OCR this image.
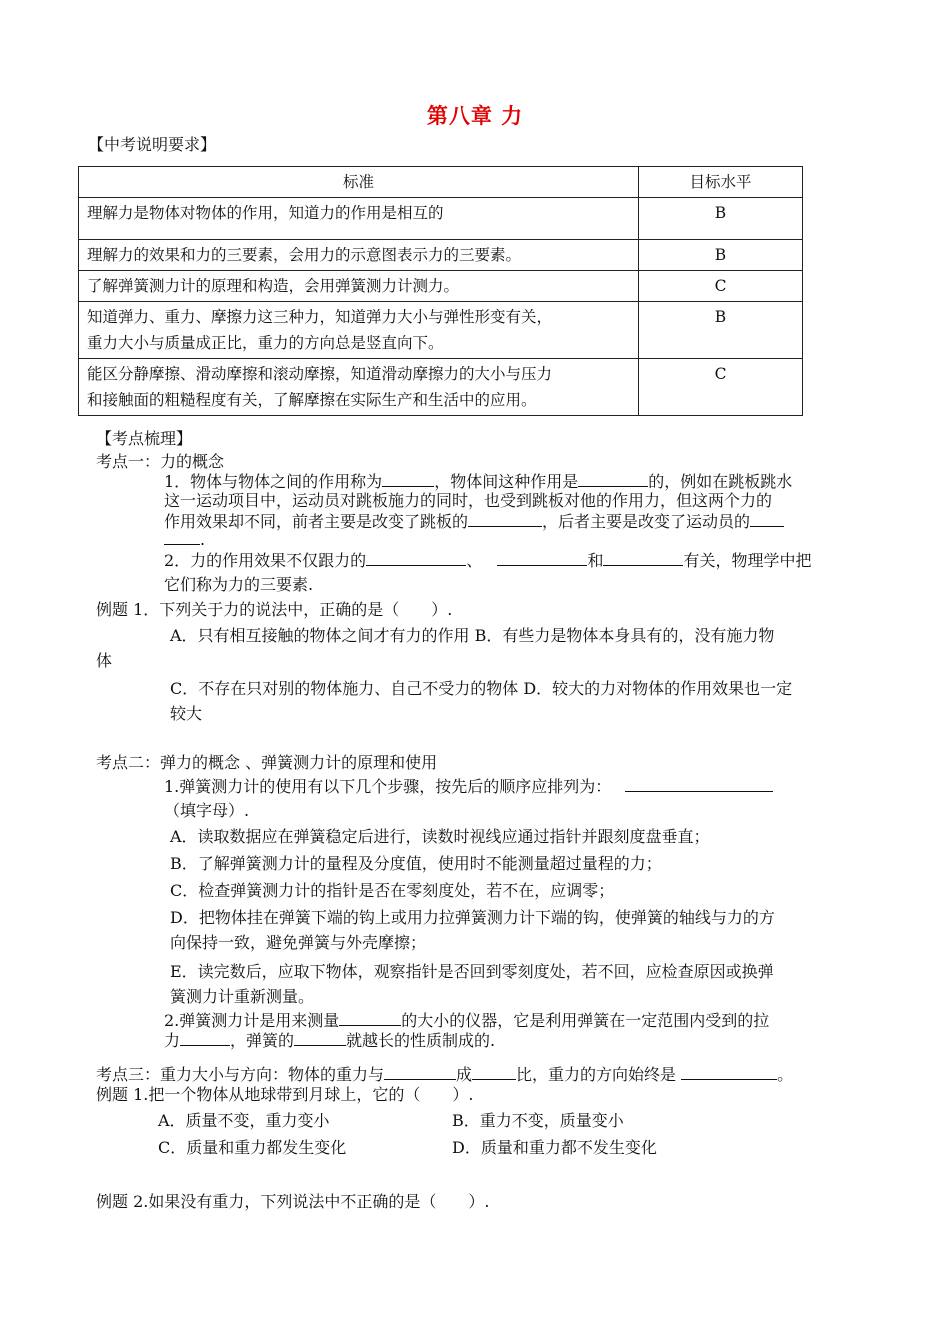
第八章 力
【中考说明要求】
标准	目标水平
理解力是物体对物体的作用，知道力的作用是相互的	B
理解力的效果和力的三要素，会用力的示意图表示力的三要素。	B
了解弹簧测力计的原理和构造，会用弹簧测力计测力。	C
知道弹力、重力、摩擦力这三种力，知道弹力大小与弹性形变有关，
重力大小与质量成正比，重力的方向总是竖直向下。	B
能区分静摩擦、滑动摩擦和滚动摩擦，知道滑动摩擦力的大小与压力
和接触面的粗糙程度有关，了解摩擦在实际生产和生活中的应用。	C
【考点梳理】
考点一：力的概念
1．物体与物体之间的作用称为	，物体间这种作用是	的，例如在跳板跳水
这一运动项目中，运动员对跳板施力的同时，也受到跳板对他的作用力，但这两个力的
作用效果却不同，前者主要是改变了跳板的	，后者主要是改变了运动员的
.
2．力的作用效果不仅跟力的	、	和	有关，物理学中把
它们称为力的三要素.
例题 1．下列关于力的说法中，正确的是（　　）.
A．只有相互接触的物体之间才有力的作用 B．有些力是物体本身具有的，没有施力物
体
C．不存在只对别的物体施力、自己不受力的物体 D．较大的力对物体的作用效果也一定
较大
考点二：弹力的概念 、弹簧测力计的原理和使用
1.弹簧测力计的使用有以下几个步骤，按先后的顺序应排列为：
（填字母）.
A．读取数据应在弹簧稳定后进行，读数时视线应通过指针并跟刻度盘垂直；
B．了解弹簧测力计的量程及分度值，使用时不能测量超过量程的力；
C．检查弹簧测力计的指针是否在零刻度处，若不在，应调零；
D．把物体挂在弹簧下端的钩上或用力拉弹簧测力计下端的钩，使弹簧的轴线与力的方
向保持一致，避免弹簧与外壳摩擦；
E．读完数后，应取下物体，观察指针是否回到零刻度处，若不回，应检查原因或换弹
簧测力计重新测量。
2.弹簧测力计是用来测量	的大小的仪器，它是利用弹簧在一定范围内受到的拉
力	，弹簧的	就越长的性质制成的.
考点三：重力大小与方向：物体的重力与	成	比，重力的方向始终是	。
例题 1.把一个物体从地球带到月球上，它的（　　）.
A．质量不变，重力变小	B．重力不变，质量变小
C．质量和重力都发生变化	D．质量和重力都不发生变化
例题 2.如果没有重力，下列说法中不正确的是（　　）.
